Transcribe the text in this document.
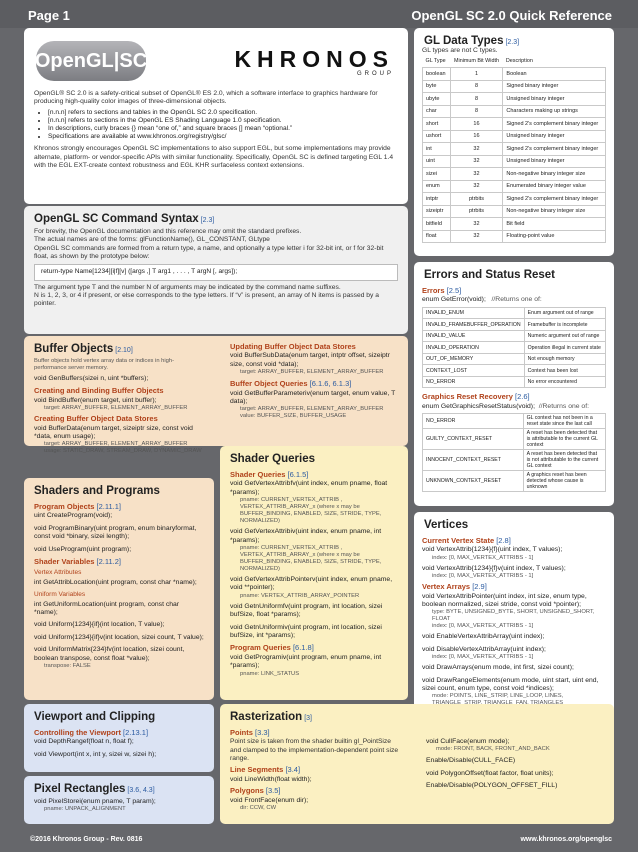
Page 1	OpenGL SC 2.0 Quick Reference
OpenGL|SC	KHRONOS
GROUP

OpenGL® SC 2.0 is a safety-critical subset of OpenGL® ES 2.0, which a software interface to graphics hardware for producing high-quality color images of three-dimensional objects.

• [n.n.n] refers to sections and tables in the OpenGL SC 2.0 specification.
• [n.n.n] refers to sections in the OpenGL ES Shading Language 1.0 specification.
• In descriptions, curly braces {} mean “one of,” and square braces [] mean “optional.”
• Specifications are available at www.khronos.org/registry/glsc/

Khronos strongly encourages OpenGL SC implementations to also support EGL, but some implementations may provide alternate, platform- or vendor-specific APIs with similar functionality. Specifically, OpenGL SC is defined targeting EGL 1.4 with the EGL EXT-create context robustness and EGL KHR surfaceless context extensions.

OpenGL SC Command Syntax [2.3]

For brevity, the OpenGL documentation and this reference may omit the standard prefixes.

The actual names are of the forms: glFunctionName(), GL_CONSTANT, GLtype

OpenGL SC commands are formed from a return type, a name, and optionally a type letter i for 32-bit int, or f for 32-bit float, as shown by the prototype below:

return-type Name[1234][i|f][v] ([args ,] T arg1 , . . . , T argN [, args]);

The argument type T and the number N of arguments may be indicated by the command name suffixes.

N is 1, 2, 3, or 4 if present, or else corresponds to the type letters. If “v” is present, an array of N items is passed by a pointer.

GL Data Types [2.3]

GL types are not C types.

GL Type	Minimum Bit Width	Description
boolean	1	Boolean
byte	8	Signed binary integer
ubyte	8	Unsigned binary integer
char	8	Characters making up strings
short	16	Signed 2's complement binary integer
ushort	16	Unsigned binary integer
int	32	Signed 2's complement binary integer
uint	32	Unsigned binary integer
sizei	32	Non-negative binary integer size
enum	32	Enumerated binary integer value
intptr	ptrbits	Signed 2's complement binary integer
sizeiptr	ptrbits	Non-negative binary integer size
bitfield	32	Bit field
float	32	Floating-point value
Errors and Status Reset
Errors [2.5]
enum GetError(void); //Returns one of:
INVALID_ENUM	Enum argument out of range
INVALID_FRAMEBUFFER_OPERATION	Framebuffer is incomplete
INVALID_VALUE	Numeric argument out of range
INVALID_OPERATION	Operation illegal in current state
OUT_OF_MEMORY	Not enough memory
CONTEXT_LOST	Context has been lost
NO_ERROR	No error encountered
Graphics Reset Recovery [2.6]
enum GetGraphicsResetStatus(void); //Returns one of:
NO_ERROR	GL context has not been in a reset state since the last call
GUILTY_CONTEXT_RESET	A reset has been detected that is attributable to the current GL context
INNOCENT_CONTEXT_RESET	A reset has been detected that is not attributable to the current GL context
UNKNOWN_CONTEXT_RESET	A graphics reset has been detected whose cause is unknown
Buffer Objects [2.10]
Buffer objects hold vertex array data or indices in high-performance server memory.
void GenBuffers(sizei n, uint *buffers);
Creating and Binding Buffer Objects
void BindBuffer(enum target, uint buffer);
target: ARRAY_BUFFER, ELEMENT_ARRAY_BUFFER
Creating Buffer Object Data Stores
void BufferData(enum target, sizeiptr size, const void *data, enum usage);
target: ARRAY_BUFFER, ELEMENT_ARRAY_BUFFER
usage: STATIC_DRAW, STREAM_DRAW, DYNAMIC_DRAW
Updating Buffer Object Data Stores
void BufferSubData(enum target, intptr offset, sizeiptr size, const void *data);
target: ARRAY_BUFFER, ELEMENT_ARRAY_BUFFER
Buffer Object Queries [6.1.6, 6.1.3]
void GetBufferParameteriv(enum target, enum value, T data);
target: ARRAY_BUFFER, ELEMENT_ARRAY_BUFFER
value: BUFFER_SIZE, BUFFER_USAGE
Shaders and Programs
Program Objects [2.11.1]
uint CreateProgram(void);
void ProgramBinary(uint program, enum binaryformat, const void *binary, sizei length);
void UseProgram(uint program);
Shader Variables [2.11.2]
Vertex Attributes
int GetAttribLocation(uint program, const char *name);
Uniform Variables
int GetUniformLocation(uint program, const char *name);
void Uniform{1234}{if}(int location, T value);
void Uniform{1234}{if}v(int location, sizei count, T value);
void UniformMatrix{234}fv(int location, sizei count, boolean transpose, const float *value);
transpose: FALSE
Shader Queries
Shader Queries [6.1.5]
void GetVertexAttribfv(uint index, enum pname, float *params);
pname: CURRENT_VERTEX_ATTRIB , VERTEX_ATTRIB_ARRAY_x (where x may be BUFFER_BINDING, ENABLED, SIZE, STRIDE, TYPE, NORMALIZED)
void GetVertexAttribiv(uint index, enum pname, int *params);
pname: CURRENT_VERTEX_ATTRIB , VERTEX_ATTRIB_ARRAY_x (where x may be BUFFER_BINDING, ENABLED, SIZE, STRIDE, TYPE, NORMALIZED)
void GetVertexAttribPointerv(uint index, enum pname, void **pointer);
pname: VERTEX_ATTRIB_ARRAY_POINTER
void GetnUniformfv(uint program, int location, sizei bufSize, float *params);
void GetnUniformiv(uint program, int location, sizei bufSize, int *params);
Program Queries [6.1.8]
void GetProgramiv(uint program, enum pname, int *params);
pname: LINK_STATUS
Vertices
Current Vertex State [2.8]
void VertexAttrib{1234}{f}(uint index, T values);
index: [0, MAX_VERTEX_ATTRIBS - 1]
void VertexAttrib{1234}{f}v(uint index, T values);
index: [0, MAX_VERTEX_ATTRIBS - 1]
Vertex Arrays [2.9]
void VertexAttribPointer(uint index, int size, enum type, boolean normalized, sizei stride, const void *pointer);
type: BYTE, UNSIGNED_BYTE, SHORT, UNSIGNED_SHORT, FLOAT
index: [0, MAX_VERTEX_ATTRIBS - 1]
void EnableVertexAttribArray(uint index);
void DisableVertexAttribArray(uint index);
index: [0, MAX_VERTEX_ATTRIBS - 1]
void DrawArrays(enum mode, int first, sizei count);
void DrawRangeElements(enum mode, uint start, uint end, sizei count, enum type, const void *indices);
mode: POINTS, LINE_STRIP, LINE_LOOP, LINES,
Viewport and Clipping
Controlling the Viewport [2.13.1]
void DepthRangef(float n, float f);
void Viewport(int x, int y, sizei w, sizei h);
Pixel Rectangles [3.6, 4.3]
void PixelStorei(enum pname, T param);
pname: UNPACK_ALIGNMENT
Rasterization [3]
Points [3.3]
Point size is taken from the shader builtin gl_PointSize and clamped to the implementation-dependent point size range.
Line Segments [3.4]
void LineWidth(float width);
Polygons [3.5]
void FrontFace(enum dir);
dir: CCW, CW
void CullFace(enum mode);
mode: FRONT, BACK, FRONT_AND_BACK
Enable/Disable(CULL_FACE)
void PolygonOffset(float factor, float units);
Enable/Disable(POLYGON_OFFSET_FILL)
©2016 Khronos Group - Rev. 0816	www.khronos.org/openglsc
